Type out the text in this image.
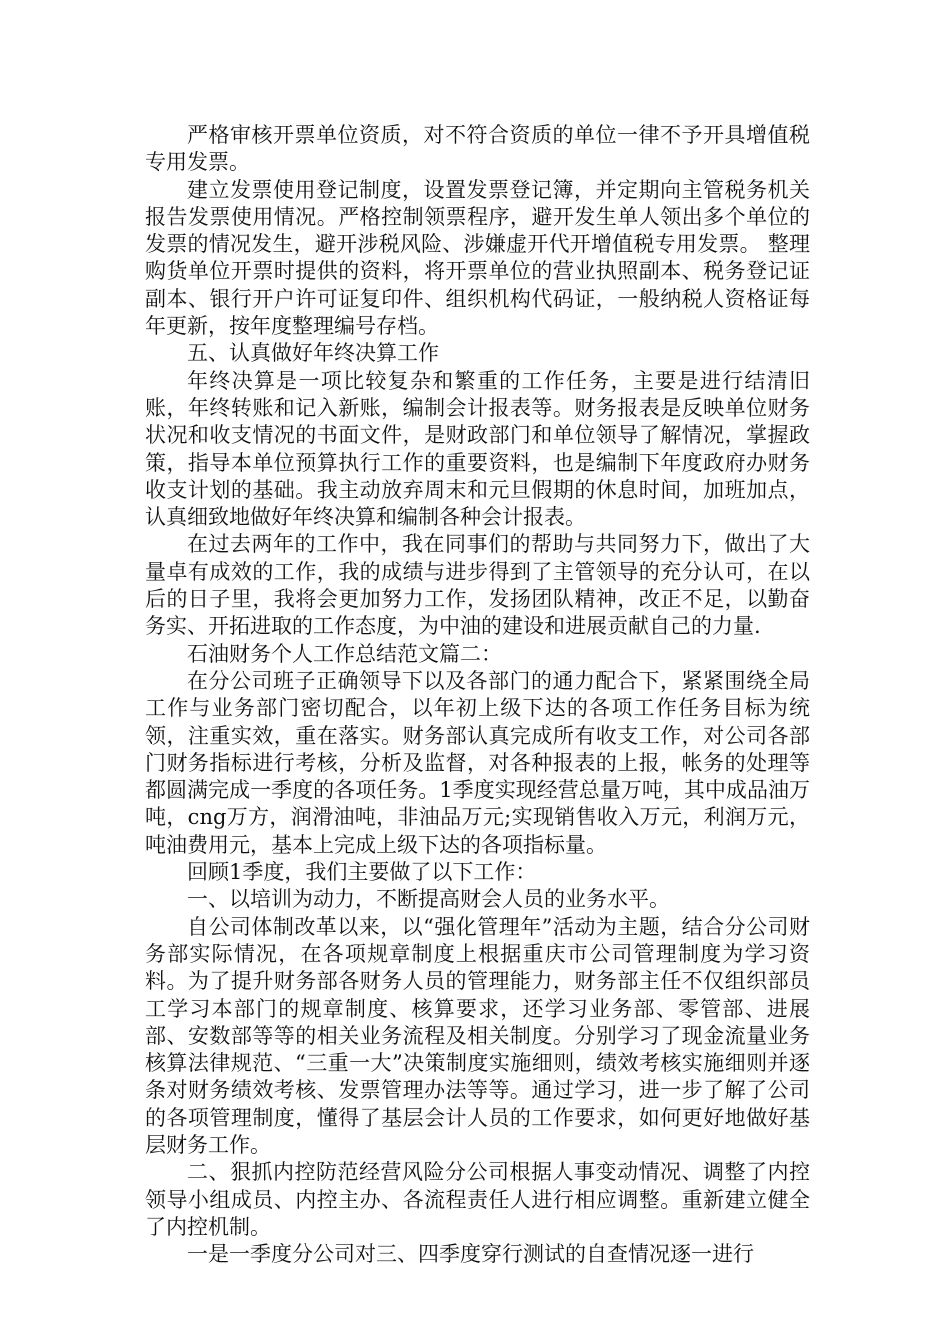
严格审核开票单位资质，对不符合资质的单位一律不予开具增值税专用发票。

建立发票使用登记制度，设置发票登记簿，并定期向主管税务机关报告发票使用情况。严格控制领票程序，避开发生单人领出多个单位的发票的情况发生，避开涉税风险、涉嫌虚开代开增值税专用发票。 整理购货单位开票时提供的资料，将开票单位的营业执照副本、税务登记证副本、银行开户许可证复印件、组织机构代码证，一般纳税人资格证每年更新，按年度整理编号存档。

五、认真做好年终决算工作

年终决算是一项比较复杂和繁重的工作任务，主要是进行结清旧账，年终转账和记入新账，编制会计报表等。财务报表是反映单位财务状况和收支情况的书面文件，是财政部门和单位领导了解情况，掌握政策，指导本单位预算执行工作的重要资料，也是编制下年度政府办财务收支计划的基础。我主动放弃周末和元旦假期的休息时间，加班加点，认真细致地做好年终决算和编制各种会计报表。

在过去两年的工作中，我在同事们的帮助与共同努力下，做出了大量卓有成效的工作，我的成绩与进步得到了主管领导的充分认可，在以后的日子里，我将会更加努力工作，发扬团队精神，改正不足，以勤奋务实、开拓进取的工作态度，为中油的建设和进展贡献自己的力量.

石油财务个人工作总结范文篇二：

在分公司班子正确领导下以及各部门的通力配合下，紧紧围绕全局工作与业务部门密切配合，以年初上级下达的各项工作任务目标为统领，注重实效，重在落实。财务部认真完成所有收支工作，对公司各部门财务指标进行考核，分析及监督，对各种报表的上报，帐务的处理等都圆满完成一季度的各项任务。1季度实现经营总量万吨，其中成品油万吨，cng万方，润滑油吨，非油品万元;实现销售收入万元，利润万元，吨油费用元，基本上完成上级下达的各项指标量。

回顾1季度，我们主要做了以下工作：

一、以培训为动力，不断提高财会人员的业务水平。

自公司体制改革以来，以“强化管理年”活动为主题，结合分公司财务部实际情况，在各项规章制度上根据重庆市公司管理制度为学习资料。为了提升财务部各财务人员的管理能力，财务部主任不仅组织部员工学习本部门的规章制度、核算要求，还学习业务部、零管部、进展部、安数部等等的相关业务流程及相关制度。分别学习了现金流量业务核算法律规范、“三重一大”决策制度实施细则，绩效考核实施细则并逐条对财务绩效考核、发票管理办法等等。通过学习，进一步了解了公司的各项管理制度，懂得了基层会计人员的工作要求，如何更好地做好基层财务工作。

二、狠抓内控防范经营风险分公司根据人事变动情况、调整了内控领导小组成员、内控主办、各流程责任人进行相应调整。重新建立健全了内控机制。

一是一季度分公司对三、四季度穿行测试的自查情况逐一进行
